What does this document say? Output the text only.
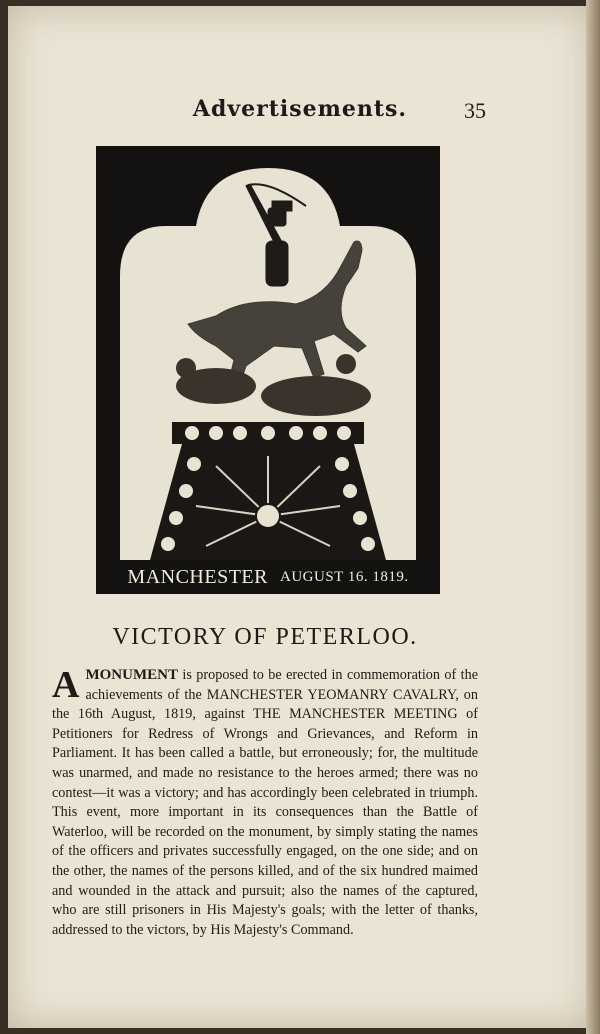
Advertisements.	35
MANCHESTER AUGUST 16. 1819.
VICTORY OF PETERLOO.
AMONUMENT is proposed to be erected in commemoration of the achievements of the MANCHESTER YEOMANRY CAVALRY, on the 16th August, 1819, against THE MANCHESTER MEETING of Petitioners for Redress of Wrongs and Grievances, and Reform in Parliament. It has been called a battle, but erroneously; for, the multitude was unarmed, and made no resistance to the heroes armed; there was no contest—it was a victory; and has accordingly been celebrated in triumph. This event, more important in its consequences than the Battle of Waterloo, will be recorded on the monument, by simply stating the names of the officers and privates successfully engaged, on the one side; and on the other, the names of the persons killed, and of the six hundred maimed and wounded in the attack and pursuit; also the names of the captured, who are still prisoners in His Majesty's goals; with the letter of thanks, addressed to the victors, by His Majesty's Command.
